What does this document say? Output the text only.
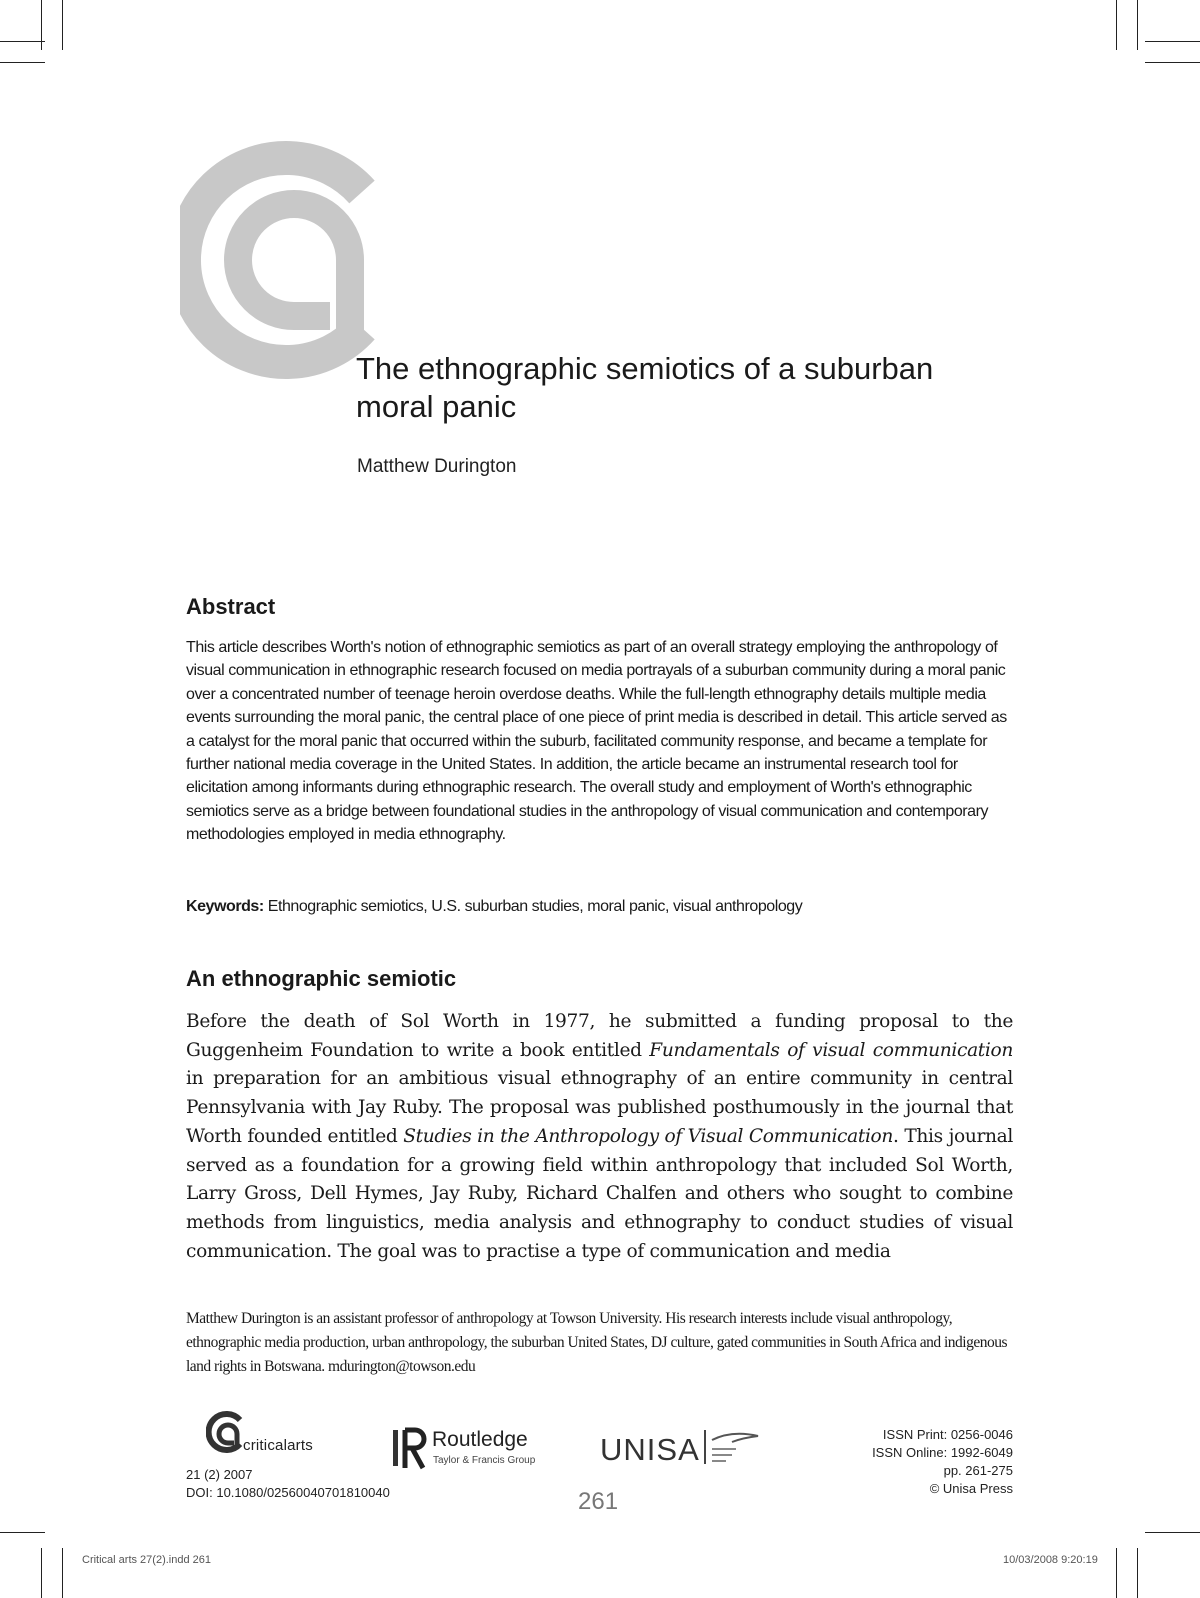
The ethnographic semiotics of a suburban
moral panic
Matthew Durington
Abstract
This article describes Worth's notion of ethnographic semiotics as part of an overall strategy employing the anthropology of visual communication in ethnographic research focused on media portrayals of a suburban community during a moral panic over a concentrated number of teenage heroin overdose deaths. While the full-length ethnography details multiple media events surrounding the moral panic, the central place of one piece of print media is described in detail. This article served as a catalyst for the moral panic that occurred within the suburb, facilitated community response, and became a template for further national media coverage in the United States. In addition, the article became an instrumental research tool for elicitation among informants during ethnographic research. The overall study and employment of Worth's ethnographic semiotics serve as a bridge between foundational studies in the anthropology of visual communication and contemporary methodologies employed in media ethnography.
Keywords: Ethnographic semiotics, U.S. suburban studies, moral panic, visual anthropology
An ethnographic semiotic
Before the death of Sol Worth in 1977, he submitted a funding proposal to the Guggenheim Foundation to write a book entitled Fundamentals of visual communication in preparation for an ambitious visual ethnography of an entire community in central Pennsylvania with Jay Ruby. The proposal was published posthumously in the journal that Worth founded entitled Studies in the Anthropology of Visual Communication. This journal served as a foundation for a growing field within anthropology that included Sol Worth, Larry Gross, Dell Hymes, Jay Ruby, Richard Chalfen and others who sought to combine methods from linguistics, media analysis and ethnography to conduct studies of visual communication. The goal was to practise a type of communication and media
Matthew Durington is an assistant professor of anthropology at Towson University. His research interests include visual anthropology, ethnographic media production, urban anthropology, the suburban United States, DJ culture, gated communities in South Africa and indigenous land rights in Botswana. mdurington@towson.edu
criticalarts	Routledge
Taylor & Francis Group UNISA
21 (2) 2007
DOI: 10.1080/02560040701810040	261
ISSN Print: 0256-0046
ISSN Online: 1992-6049
pp. 261-275
© Unisa Press
Critical arts 27(2).indd 261	10/03/2008 9:20:19
